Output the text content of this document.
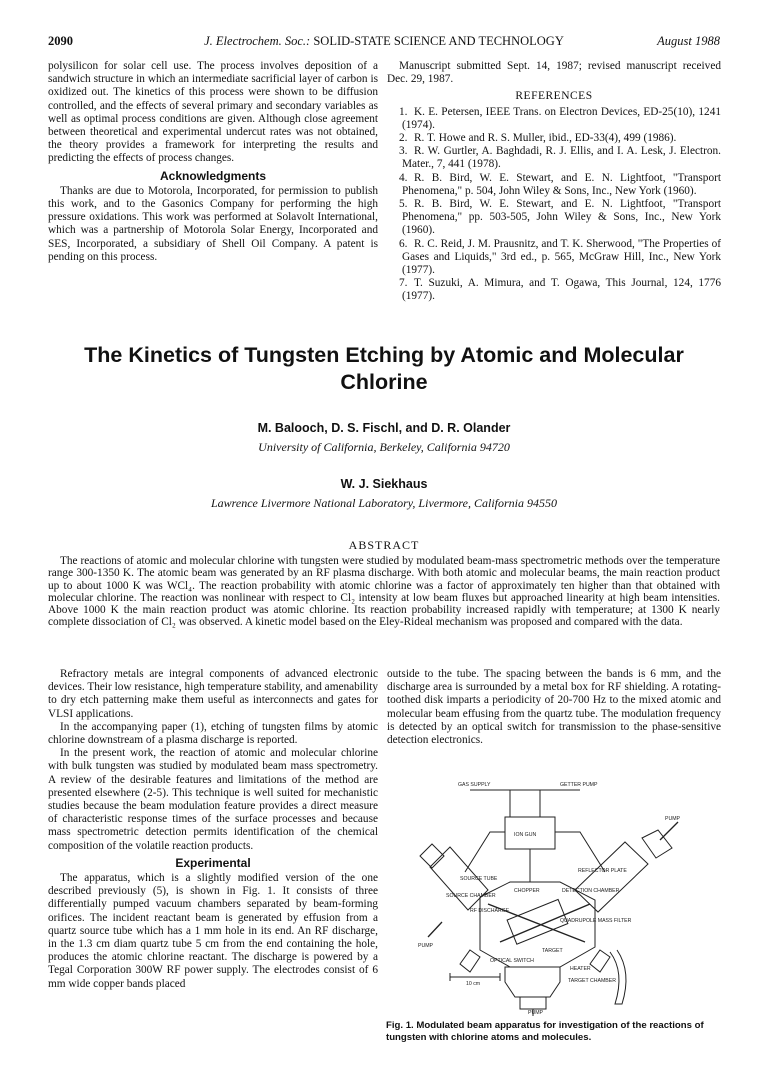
2090	J. Electrochem. Soc.: SOLID-STATE SCIENCE AND TECHNOLOGY	August 1988

polysilicon for solar cell use. The process involves deposition of a sandwich structure in which an intermediate sacrificial layer of carbon is oxidized out. The kinetics of this process were shown to be diffusion controlled, and the effects of several primary and secondary variables as well as optimal process conditions are given. Although close agreement between theoretical and experimental undercut rates was not obtained, the theory provides a framework for interpreting the results and predicting the effects of process changes.

Acknowledgments

Thanks are due to Motorola, Incorporated, for permission to publish this work, and to the Gasonics Company for performing the high pressure oxidations. This work was performed at Solavolt International, which was a partnership of Motorola Solar Energy, Incorporated and SES, Incorporated, a subsidiary of Shell Oil Company. A patent is pending on this process.

Manuscript submitted Sept. 14, 1987; revised manuscript received Dec. 29, 1987.

REFERENCES

1. K. E. Petersen, IEEE Trans. on Electron Devices, ED-25(10), 1241 (1974).

2. R. T. Howe and R. S. Muller, ibid., ED-33(4), 499 (1986).

3. R. W. Gurtler, A. Baghdadi, R. J. Ellis, and I. A. Lesk, J. Electron. Mater., 7, 441 (1978).

4. R. B. Bird, W. E. Stewart, and E. N. Lightfoot, "Transport Phenomena," p. 504, John Wiley & Sons, Inc., New York (1960).

5. R. B. Bird, W. E. Stewart, and E. N. Lightfoot, "Transport Phenomena," pp. 503-505, John Wiley & Sons, Inc., New York (1960).

6. R. C. Reid, J. M. Prausnitz, and T. K. Sherwood, "The Properties of Gases and Liquids," 3rd ed., p. 565, McGraw Hill, Inc., New York (1977).

7. T. Suzuki, A. Mimura, and T. Ogawa, This Journal, 124, 1776 (1977).

The Kinetics of Tungsten Etching by Atomic and Molecular Chlorine
M. Balooch, D. S. Fischl, and D. R. Olander
University of California, Berkeley, California 94720
W. J. Siekhaus
Lawrence Livermore National Laboratory, Livermore, California 94550
ABSTRACT
The reactions of atomic and molecular chlorine with tungsten were studied by modulated beam-mass spectrometric methods over the temperature range 300-1350 K. The atomic beam was generated by an RF plasma discharge. With both atomic and molecular beams, the main reaction product up to about 1000 K was WCl₄. The reaction probability with atomic chlorine was a factor of approximately ten higher than that obtained with molecular chlorine. The reaction was nonlinear with respect to Cl₂ intensity at low beam fluxes but approached linearity at high beam intensities. Above 1000 K the main reaction product was atomic chlorine. Its reaction probability increased rapidly with temperature; at 1300 K nearly complete dissociation of Cl₂ was observed. A kinetic model based on the Eley-Rideal mechanism was proposed and compared with the data.

Refractory metals are integral components of advanced electronic devices. Their low resistance, high temperature stability, and amenability to dry etch patterning make them useful as interconnects and gates for VLSI applications.

In the accompanying paper (1), etching of tungsten films by atomic chlorine downstream of a plasma discharge is reported.

In the present work, the reaction of atomic and molecular chlorine with bulk tungsten was studied by modulated beam mass spectrometry. A review of the desirable features and limitations of the method are presented elsewhere (2-5). This technique is well suited for mechanistic studies because the beam modulation feature provides a direct measure of characteristic response times of the surface processes and because mass spectrometric detection permits identification of the chemical composition of the volatile reaction products.

Experimental

The apparatus, which is a slightly modified version of the one described previously (5), is shown in Fig. 1. It consists of three differentially pumped vacuum chambers separated by beam-forming orifices. The incident reactant beam is generated by effusion from a quartz source tube which has a 1 mm hole in its end. An RF discharge, in the 1.3 cm diam quartz tube 5 cm from the end containing the hole, produces the atomic chlorine reactant. The discharge is powered by a Tegal Corporation 300W RF power supply. The electrodes consist of 6 mm wide copper bands placed

outside to the tube. The spacing between the bands is 6 mm, and the discharge area is surrounded by a metal box for RF shielding. A rotating-toothed disk imparts a periodicity of 20-700 Hz to the mixed atomic and molecular beam effusing from the quartz tube. The modulation frequency is detected by an optical switch for transmission to the phase-sensitive detection electronics.

GAS SUPPLY	GETTER PUMP
ION GUN
PUMP
SOURCE TUBE
REFLECTOR PLATE
SOURCE CHAMBER
CHOPPER	DETECTION CHAMBER
RF DISCHARGE
QUADRUPOLE MASS FILTER
PUMP
OPTICAL SWITCH
TARGET
HEATER
TARGET CHAMBER
10 cm
PUMP
Fig. 1. Modulated beam apparatus for investigation of the reactions of tungsten with chlorine atoms and molecules.
